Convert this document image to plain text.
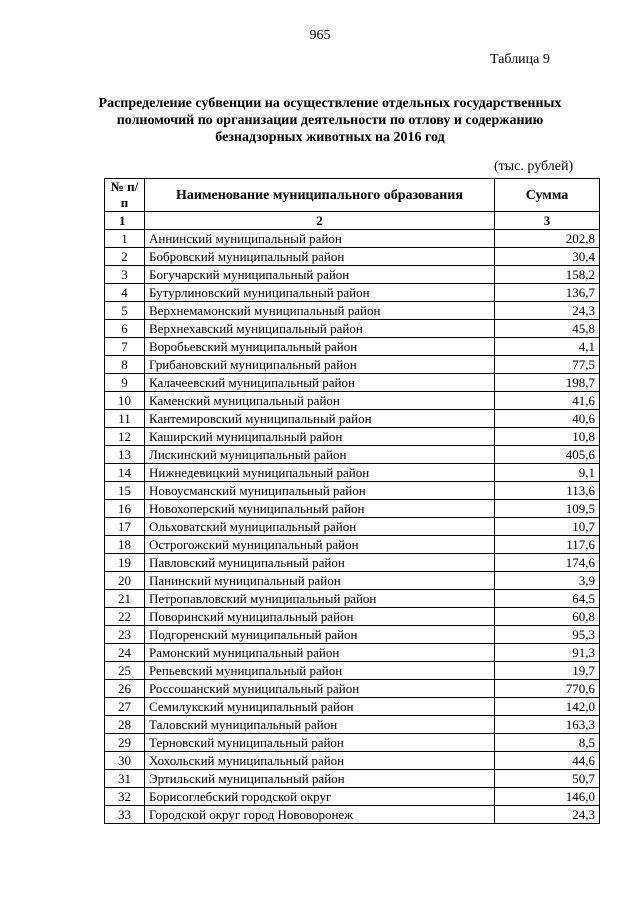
965
Таблица 9
Распределение субвенции на осуществление отдельных государственных полномочий по организации деятельности по отлову и содержанию безнадзорных животных на 2016 год
(тыс. рублей)
№ п/п	Наименование муниципального образования	Сумма
1	2	3
1	Аннинский муниципальный район	202,8
2	Бобровский муниципальный район	30,4
3	Богучарский муниципальный район	158,2
4	Бутурлиновский муниципальный район	136,7
5	Верхнемамонский муниципальный район	24,3
6	Верхнехавский муниципальный район	45,8
7	Воробьевский муниципальный район	4,1
8	Грибановский муниципальный район	77,5
9	Калачеевский муниципальный район	198,7
10	Каменский муниципальный район	41,6
11	Кантемировский муниципальный район	40,6
12	Каширский муниципальный район	10,8
13	Лискинский муниципальный район	405,6
14	Нижнедевицкий муниципальный район	9,1
15	Новоусманский муниципальный район	113,6
16	Новохоперский муниципальный район	109,5
17	Ольховатский муниципальный район	10,7
18	Острогожский муниципальный район	117,6
19	Павловский муниципальный район	174,6
20	Панинский муниципальный район	3,9
21	Петропавловский муниципальный район	64,5
22	Поворинский муниципальный район	60,8
23	Подгоренский муниципальный район	95,3
24	Рамонский муниципальный район	91,3
25	Репьевский муниципальный район	19,7
26	Россошанский муниципальный район	770,6
27	Семилукский муниципальный район	142,0
28	Таловский муниципальный район	163,3
29	Терновский муниципальный район	8,5
30	Хохольский муниципальный район	44,6
31	Эртильский муниципальный район	50,7
32	Борисоглебский городской округ	146,0
33	Городской округ город Нововоронеж	24,3
